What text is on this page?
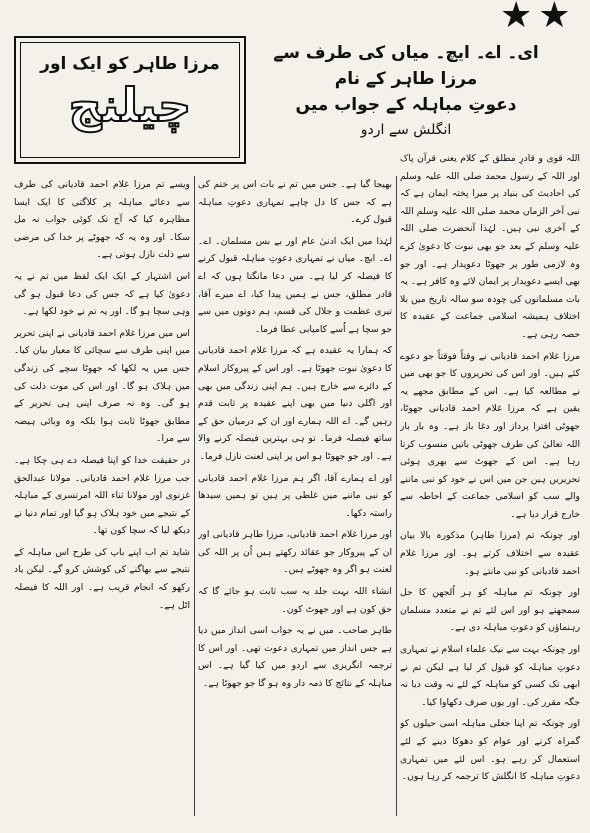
★ ★
ای۔ اے۔ ایچ۔ میاں کی طرف سے مرزا طاہر کے نام
دعوتِ مباہلہ کے جواب میں
انگلش سے اردو
مرزا طاہر کو ایک اور
چیلنج

اللہ قوی و قادرِ مطلق کے کلام یعنی قرآن پاک اور اللہ کے رسول محمد صلی اللہ علیہ وسلم کی احادیث کی بنیاد پر میرا پختہ ایمان ہے کہ نبی آخر الزماں محمد صلی اللہ علیہ وسلم اللہ کے آخری نبی ہیں۔ لہٰذا آنحضرت صلی اللہ علیہ وسلم کے بعد جو بھی نبوت کا دعویٰ کرے وہ لازمی طور پر جھوٹا دعویدار ہے۔ اور جو بھی ایسے دعویدار پر ایمان لائے وہ کافر ہے۔ یہ بات مسلمانوں کی چودہ سو سالہ تاریخ میں بلا اختلاف ہمیشہ اسلامی جماعت کے عقیدہ کا حصہ رہی ہے۔

مرزا غلام احمد قادیانی نے وقتاً فوقتاً جو دعوے کئے ہیں۔ اور اس کی تحریروں کا جو بھی میں نے مطالعہ کیا ہے۔ اس کے مطابق مجھے یہ یقین ہے کہ مرزا غلام احمد قادیانی جھوٹا، جھوٹی افترا پرداز اور دغا باز ہے۔ وہ بار بار اللہ تعالیٰ کی طرف جھوٹی باتیں منسوب کرتا رہا ہے۔ اس کے جھوٹ سے بھری ہوئی تحریریں ہیں جن میں اس نے خود کو نبی ماننے والے سب کو اسلامی جماعت کے احاطہ سے خارج قرار دیا ہے۔

اور چونکہ تم (مرزا طاہر) مذکورہ بالا بیان عقیدہ سے اختلاف کرتے ہو۔ اور مرزا غلام احمد قادیانی کو نبی مانتے ہو۔

اور چونکہ تم مباہلہ کو ہر اُلجھن کا حل سمجھتے ہو اور اس لئے تم نے متعدد مسلمان رہنماؤں کو دعوتِ مباہلہ دی ہے۔

اور چونکہ بہت سے نیک علماء اسلام نے تمہاری دعوتِ مباہلہ کو قبول کر لیا ہے لیکن تم نے ابھی تک کسی کو مباہلہ کے لئے نہ وقت دیا نہ جگہ مقرر کی۔ اور یوں صرف دکھاوا کیا۔

اور چونکہ تم اپنا جعلی مباہلہ اسی حیلوں کو گمراہ کرنے اور عوام کو دھوکا دینے کے لئے استعمال کر رہے ہو۔ اس لئے میں تمہاری دعوتِ مباہلہ کا انگلش کا ترجمہ کر رہا ہوں۔

بھیجا گیا ہے۔ جس میں تم نے بات اس پر ختم کی ہے کہ جس کا دل چاہے تمہاری دعوتِ مباہلہ قبول کرے۔

لہٰذا میں ایک ادنیٰ عام اور بے بس مسلمان۔ اے۔ اے۔ ایچ۔ میاں نے تمہاری دعوتِ مباہلہ قبول کرنے کا فیصلہ کر لیا ہے۔ میں دعا مانگتا ہوں کہ اے قادر مطلق، جس نے ہمیں پیدا کیا، اے میرے آقا، تیری عظمت و جلال کی قسم، ہم دونوں میں سے جو سچا ہے اُسے کامیابی عطا فرما۔

کہ ہمارا یہ عقیدہ ہے کہ مرزا غلام احمد قادیانی کا دعویٰ نبوت جھوٹا ہے۔ اور اس کے پیروکار اسلام کے دائرے سے خارج ہیں۔ ہم اپنی زندگی میں بھی اور اگلی دنیا میں بھی اپنے عقیدہ پر ثابت قدم رہیں گے۔ اے اللہ ہمارے اور ان کے درمیان حق کے ساتھ فیصلہ فرما۔ تو ہی بہترین فیصلہ کرنے والا ہے۔ اور جو جھوٹا ہو اس پر اپنی لعنت نازل فرما۔

اور اے ہمارے آقا، اگر ہم مرزا غلام احمد قادیانی کو نبی ماننے میں غلطی پر ہیں تو ہمیں سیدھا راستہ دکھا۔

اور مرزا غلام احمد قادیانی، مرزا طاہر قادیانی اور ان کے پیروکار جو عقائد رکھتے ہیں اُن پر اللہ کی لعنت ہو اگر وہ جھوٹے ہیں۔

انشاء اللہ بہت جلد یہ سب ثابت ہو جائے گا کہ حق کون ہے اور جھوٹ کون۔

طاہر صاحب۔ میں نے یہ جواب اسی انداز میں دیا ہے جس انداز میں تمہاری دعوت تھی۔ اور اس کا ترجمہ انگریزی سے اردو میں کیا گیا ہے۔ اس مباہلہ کے نتائج کا ذمہ دار وہ ہو گا جو جھوٹا ہے۔

ویسے تم مرزا غلام احمد قادیانی کی طرف سے دعائے مباہلہ پر کلاگتی کا ایک ایسا مظاہرہ کیا کہ آج تک کوئی جواب نہ مل سکا۔ اور وہ یہ کہ جھوٹے پر خدا کی مرضی سے ذلت نازل ہوتی ہے۔

اس اشتہار کے ایک ایک لفظ میں تم نے یہ دعویٰ کیا ہے کہ جس کی دعا قبول ہو گی وہی سچا ہو گا۔ اور یہ تم نے خود لکھا ہے۔

اس میں مرزا غلام احمد قادیانی نے اپنی تحریر میں اپنی طرف سے سچائی کا معیار بیان کیا۔ جس میں یہ لکھا کہ جھوٹا سچے کی زندگی میں ہلاک ہو گا۔ اور اس کی موت ذلت کی ہو گی۔ وہ نہ صرف اپنی ہی تحریر کے مطابق جھوٹا ثابت ہوا بلکہ وہ وبائی ہیضہ سے مرا۔

در حقیقت خدا کو اپنا فیصلہ دے ہی چکا ہے۔ جب مرزا غلام احمد قادیانی۔ مولانا عبدالحق غزنوی اور مولانا ثناء اللہ امرتسری کے مباہلہ کے نتیجے میں خود ہلاک ہو گیا اور تمام دنیا نے دیکھ لیا کہ سچا کون تھا۔

شاید تم اب اپنے باپ کی طرح اس مباہلہ کے نتیجے سے بھاگنے کی کوشش کرو گے۔ لیکن یاد رکھو کہ انجام قریب ہے۔ اور اللہ کا فیصلہ اٹل ہے۔
